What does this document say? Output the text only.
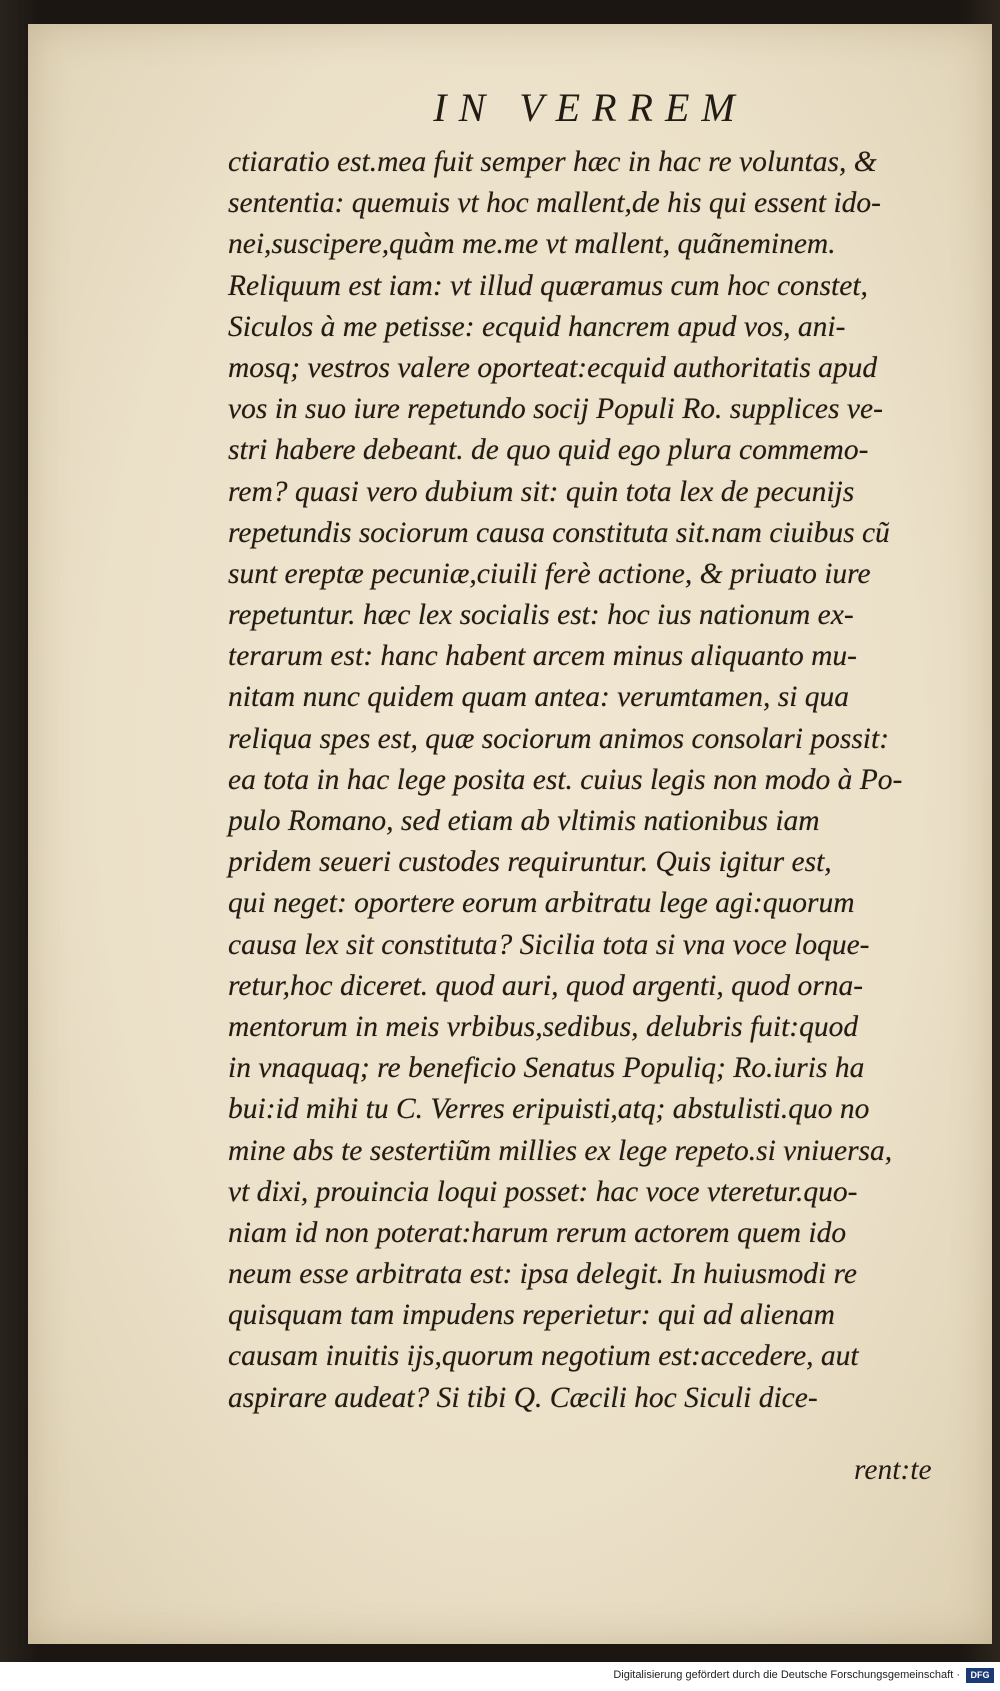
IN VERREM
ctiaratio est.mea fuit semper hæc in hac re voluntas, &
sententia: quemuis vt hoc mallent,de his qui essent ido-
nei,suscipere,quàm me.me vt mallent, quãneminem.
Reliquum est iam: vt illud quæramus cum hoc constet,
Siculos à me petisse: ecquid hancrem apud vos, ani-
mosq; vestros valere oporteat:ecquid authoritatis apud
vos in suo iure repetundo socij Populi Ro. supplices ve-
stri habere debeant. de quo quid ego plura commemo-
rem? quasi vero dubium sit: quin tota lex de pecunijs
repetundis sociorum causa constituta sit.nam ciuibus cũ
sunt ereptæ pecuniæ,ciuili ferè actione, & priuato iure
repetuntur. hæc lex socialis est: hoc ius nationum ex-
terarum est: hanc habent arcem minus aliquanto mu-
nitam nunc quidem quam antea: verumtamen, si qua
reliqua spes est, quæ sociorum animos consolari possit:
ea tota in hac lege posita est. cuius legis non modo à Po-
pulo Romano, sed etiam ab vltimis nationibus iam
pridem seueri custodes requiruntur. Quis igitur est,
qui neget: oportere eorum arbitratu lege agi:quorum
causa lex sit constituta? Sicilia tota si vna voce loque-
retur,hoc diceret. quod auri, quod argenti, quod orna-
mentorum in meis vrbibus,sedibus, delubris fuit:quod
in vnaquaq; re beneficio Senatus Populiq; Ro.iuris ha
bui:id mihi tu C. Verres eripuisti,atq; abstulisti.quo no
mine abs te sestertiũm millies ex lege repeto.si vniuersa,
vt dixi, prouincia loqui posset: hac voce vteretur.quo-
niam id non poterat:harum rerum actorem quem ido
neum esse arbitrata est: ipsa delegit. In huiusmodi re
quisquam tam impudens reperietur: qui ad alienam
causam inuitis ijs,quorum negotium est:accedere, aut
aspirare audeat? Si tibi Q. Cæcili hoc Siculi dice-
rent:te
Digitalisierung gefördert durch die Deutsche Forschungsgemeinschaft ·	DFG
